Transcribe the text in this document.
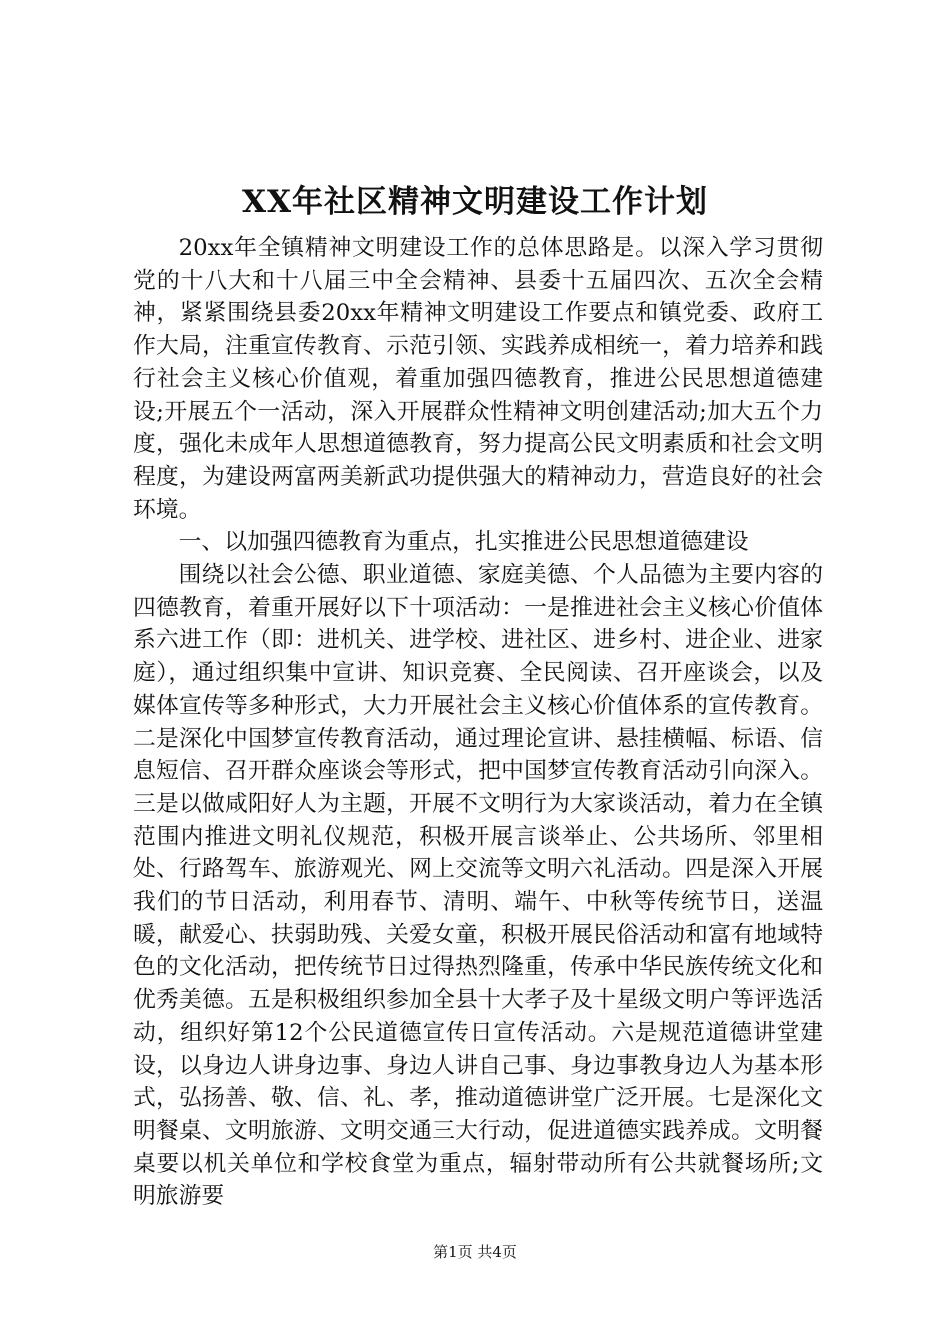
XX年社区精神文明建设工作计划

20xx年全镇精神文明建设工作的总体思路是。以深入学习贯彻党的十八大和十八届三中全会精神、县委十五届四次、五次全会精神，紧紧围绕县委20xx年精神文明建设工作要点和镇党委、政府工作大局，注重宣传教育、示范引领、实践养成相统一，着力培养和践行社会主义核心价值观，着重加强四德教育，推进公民思想道德建设;开展五个一活动，深入开展群众性精神文明创建活动;加大五个力度，强化未成年人思想道德教育，努力提高公民文明素质和社会文明程度，为建设两富两美新武功提供强大的精神动力，营造良好的社会环境。

一、以加强四德教育为重点，扎实推进公民思想道德建设

围绕以社会公德、职业道德、家庭美德、个人品德为主要内容的四德教育，着重开展好以下十项活动：一是推进社会主义核心价值体系六进工作（即：进机关、进学校、进社区、进乡村、进企业、进家庭），通过组织集中宣讲、知识竞赛、全民阅读、召开座谈会，以及媒体宣传等多种形式，大力开展社会主义核心价值体系的宣传教育。二是深化中国梦宣传教育活动，通过理论宣讲、悬挂横幅、标语、信息短信、召开群众座谈会等形式，把中国梦宣传教育活动引向深入。三是以做咸阳好人为主题，开展不文明行为大家谈活动，着力在全镇范围内推进文明礼仪规范，积极开展言谈举止、公共场所、邻里相处、行路驾车、旅游观光、网上交流等文明六礼活动。四是深入开展我们的节日活动，利用春节、清明、端午、中秋等传统节日，送温暖，献爱心、扶弱助残、关爱女童，积极开展民俗活动和富有地域特色的文化活动，把传统节日过得热烈隆重，传承中华民族传统文化和优秀美德。五是积极组织参加全县十大孝子及十星级文明户等评选活动，组织好第12个公民道德宣传日宣传活动。六是规范道德讲堂建设，以身边人讲身边事、身边人讲自己事、身边事教身边人为基本形式，弘扬善、敬、信、礼、孝，推动道德讲堂广泛开展。七是深化文明餐桌、文明旅游、文明交通三大行动，促进道德实践养成。文明餐桌要以机关单位和学校食堂为重点，辐射带动所有公共就餐场所;文明旅游要

第1页 共4页
